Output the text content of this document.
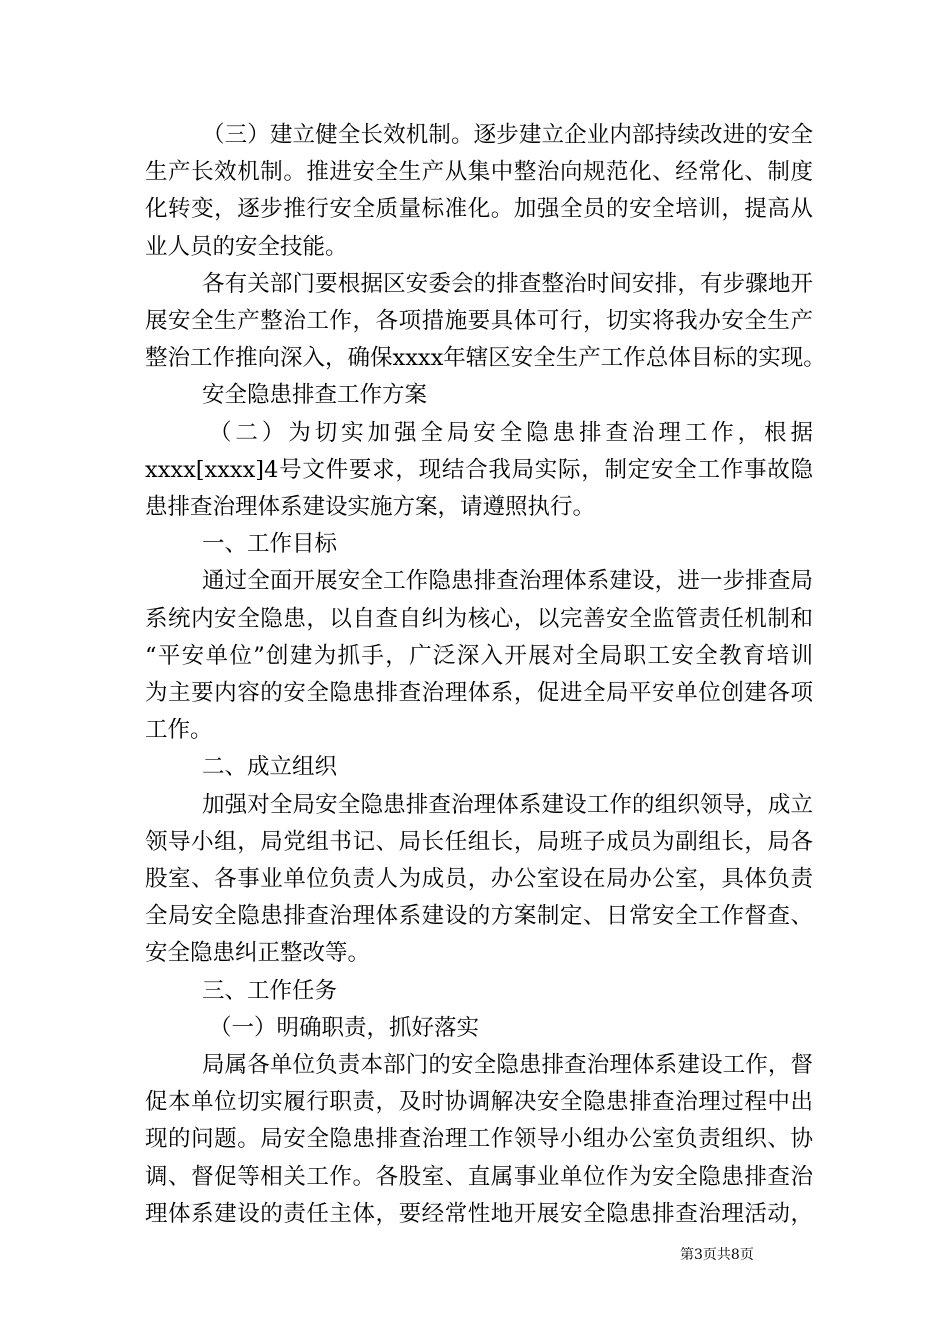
（三）建立健全长效机制。逐步建立企业内部持续改进的安全
生产长效机制。推进安全生产从集中整治向规范化、经常化、制度
化转变，逐步推行安全质量标准化。加强全员的安全培训，提高从
业人员的安全技能。

各有关部门要根据区安委会的排查整治时间安排，有步骤地开
展安全生产整治工作，各项措施要具体可行，切实将我办安全生产
整治工作推向深入，确保xxxx年辖区安全生产工作总体目标的实现。

安全隐患排查工作方案

（二）为切实加强全局安全隐患排查治理工作，根据
xxxx[xxxx]4号文件要求，现结合我局实际，制定安全工作事故隐
患排查治理体系建设实施方案，请遵照执行。

一、工作目标

通过全面开展安全工作隐患排查治理体系建设，进一步排查局
系统内安全隐患，以自查自纠为核心，以完善安全监管责任机制和
“平安单位”创建为抓手，广泛深入开展对全局职工安全教育培训
为主要内容的安全隐患排查治理体系，促进全局平安单位创建各项
工作。

二、成立组织

加强对全局安全隐患排查治理体系建设工作的组织领导，成立
领导小组，局党组书记、局长任组长，局班子成员为副组长，局各
股室、各事业单位负责人为成员，办公室设在局办公室，具体负责
全局安全隐患排查治理体系建设的方案制定、日常安全工作督查、
安全隐患纠正整改等。

三、工作任务

（一）明确职责，抓好落实

局属各单位负责本部门的安全隐患排查治理体系建设工作，督
促本单位切实履行职责，及时协调解决安全隐患排查治理过程中出
现的问题。局安全隐患排查治理工作领导小组办公室负责组织、协
调、督促等相关工作。各股室、直属事业单位作为安全隐患排查治
理体系建设的责任主体，要经常性地开展安全隐患排查治理活动，

第3页共8页
